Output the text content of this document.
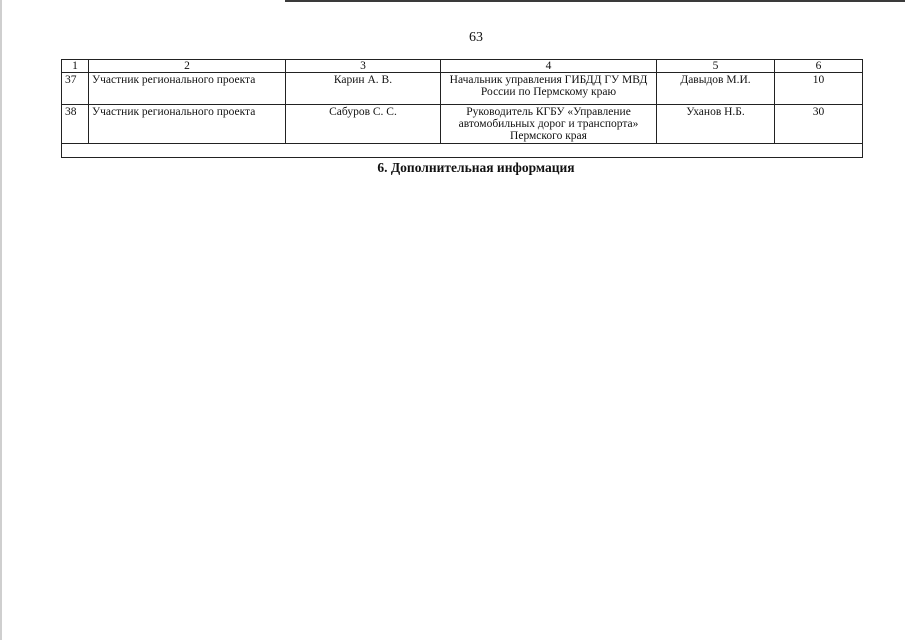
63
1	2	3	4	5	6
37	Участник регионального проекта	Карин А. В.	Начальник управления ГИБДД ГУ МВД России по Пермскому краю	Давыдов М.И.	10
38	Участник регионального проекта	Сабуров С. С.	Руководитель КГБУ «Управление автомобильных дорог и транспорта» Пермского края	Уханов Н.Б.	30

6. Дополнительная информация
